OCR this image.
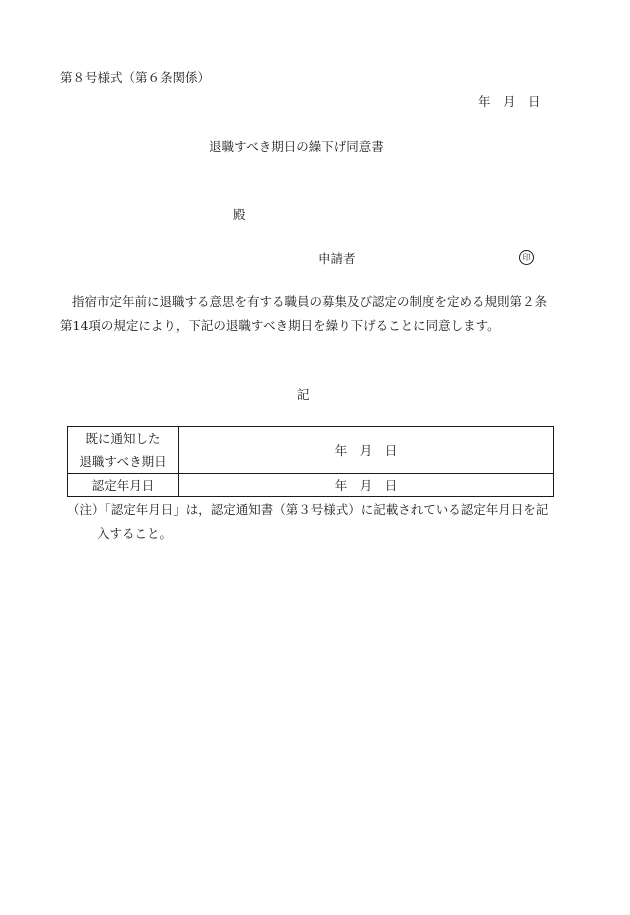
第８号様式（第６条関係）
年　月　日
退職すべき期日の繰下げ同意書
殿
申請者	印
指宿市定年前に退職する意思を有する職員の募集及び認定の制度を定める規則第２条第14項の規定により，下記の退職すべき期日を繰り下げることに同意します。
記
既に通知した
退職すべき期日	年　月　日
認定年月日	年　月　日
（注）「認定年月日」は，認定通知書（第３号様式）に記載されている認定年月日を記入すること。
